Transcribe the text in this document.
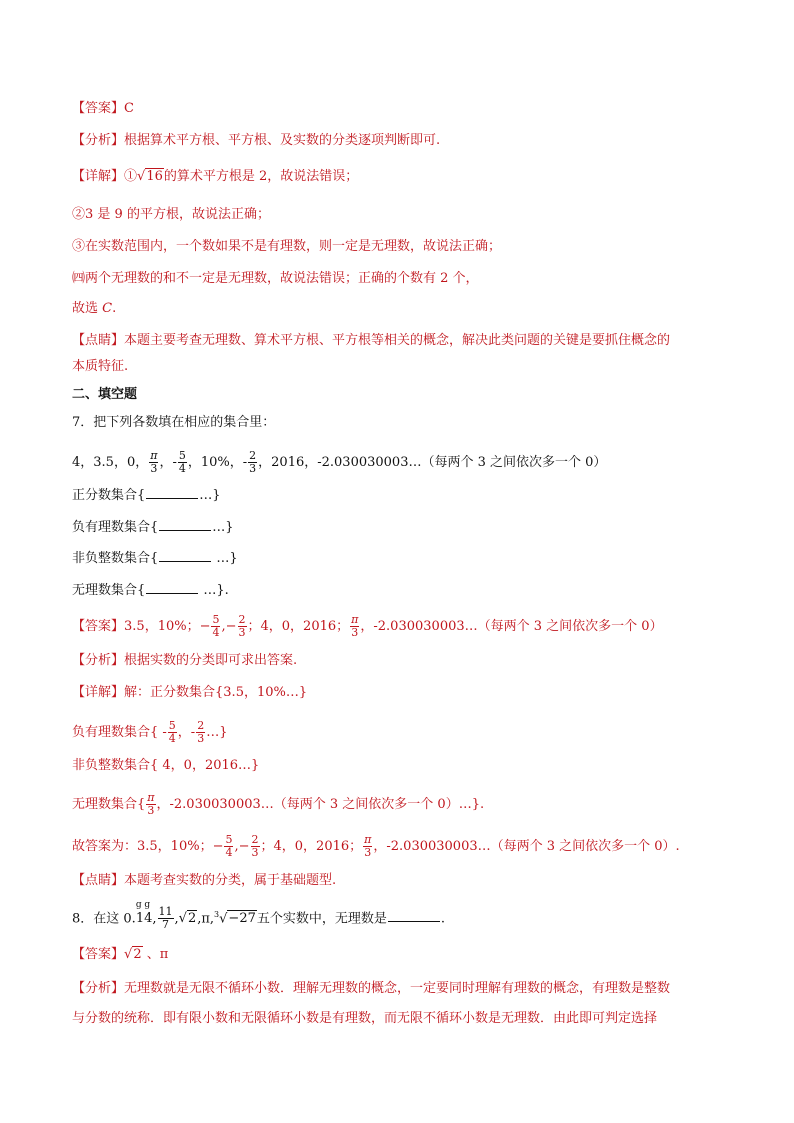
【答案】C
【分析】根据算术平方根、平方根、及实数的分类逐项判断即可.
【详解】①√16的算术平方根是 2，故说法错误；
②3 是 9 的平方根，故说法正确；
③在实数范围内，一个数如果不是有理数，则一定是无理数，故说法正确；
㈣两个无理数的和不一定是无理数，故说法错误；正确的个数有 2 个，
故选 C.
【点睛】本题主要考查无理数、算术平方根、平方根等相关的概念，解决此类问题的关键是要抓住概念的
本质特征.
二、填空题
7．把下列各数填在相应的集合里：
4，3.5，0， $\frac{\pi}{3}$ ，- $\frac{5}{4}$ ，10%，- $\frac{2}{3}$ ，2016，-2.030030003…（每两个 3 之间依次多一个 0）
正分数集合{	…}
负有理数集合{	…}
非负整数集合{	…}
无理数集合{	…}.
【答案】3.5，10%；− $\frac{5}{4}$ ,− $\frac{2}{3}$ ；4，0，2016； $\frac{\pi}{3}$ ，-2.030030003…（每两个 3 之间依次多一个 0）
【分析】根据实数的分类即可求出答案.
【详解】解：正分数集合{3.5，10%…}
负有理数集合{ - $\frac{5}{4}$ ，- $\frac{2}{3}$ …}
非负整数集合{ 4，0，2016…}
无理数集合{ $\frac{\pi}{3}$ ，-2.030030003…（每两个 3 之间依次多一个 0）…}.
故答案为：3.5，10%；− $\frac{5}{4}$ ,− $\frac{2}{3}$ ；4，0，2016； $\frac{\pi}{3}$ ，-2.030030003…（每两个 3 之间依次多一个 0）.
【点睛】本题考查实数的分类，属于基础题型.
8．在这 0.
g g
14, $\frac{11}{7} ,√2,\pi,^3√-27$五个实数中，无理数是	.
【答案】√2 、π
【分析】无理数就是无限不循环小数．理解无理数的概念，一定要同时理解有理数的概念，有理数是整数
与分数的统称．即有限小数和无限循环小数是有理数，而无限不循环小数是无理数．由此即可判定选择
